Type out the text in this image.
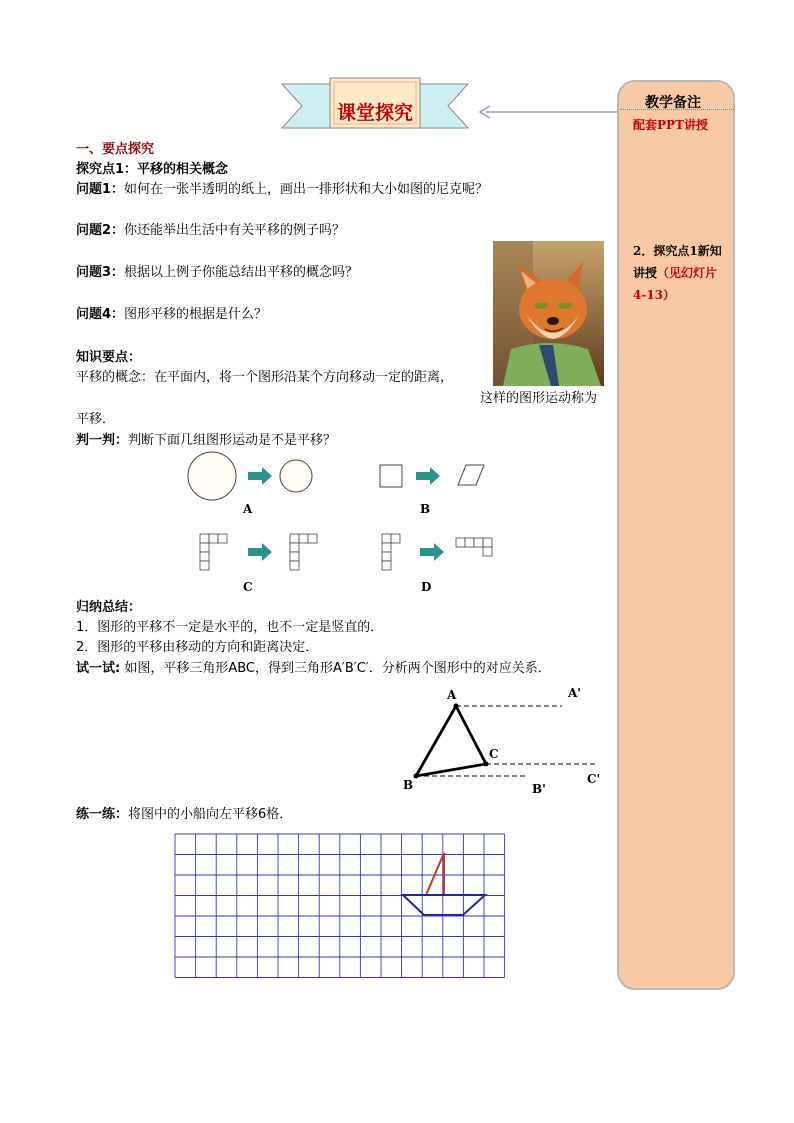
课堂探究	教学备注
配套PPT讲授
2．探究点1新知讲授（见幻灯片4-13）
一、要点探究
探究点1：平移的相关概念
问题1：如何在一张半透明的纸上，画出一排形状和大小如图的尼克呢？
问题2：你还能举出生活中有关平移的例子吗？
问题3：根据以上例子你能总结出平移的概念吗？
问题4：图形平移的根据是什么？
知识要点：
平移的概念：在平面内，将一个图形沿某个方向移动一定的距离，
这样的图形运动称为
平移．
判一判：判断下面几组图形运动是不是平移？
A	B
C	D
归纳总结：
1．图形的平移不一定是水平的，也不一定是竖直的．
2．图形的平移由移动的方向和距离决定．
试一试: 如图，平移三角形ABC，得到三角形A′B′C′．分析两个图形中的对应关系．
A	A'
C
C'
B	B'
练一练：将图中的小船向左平移6格．
